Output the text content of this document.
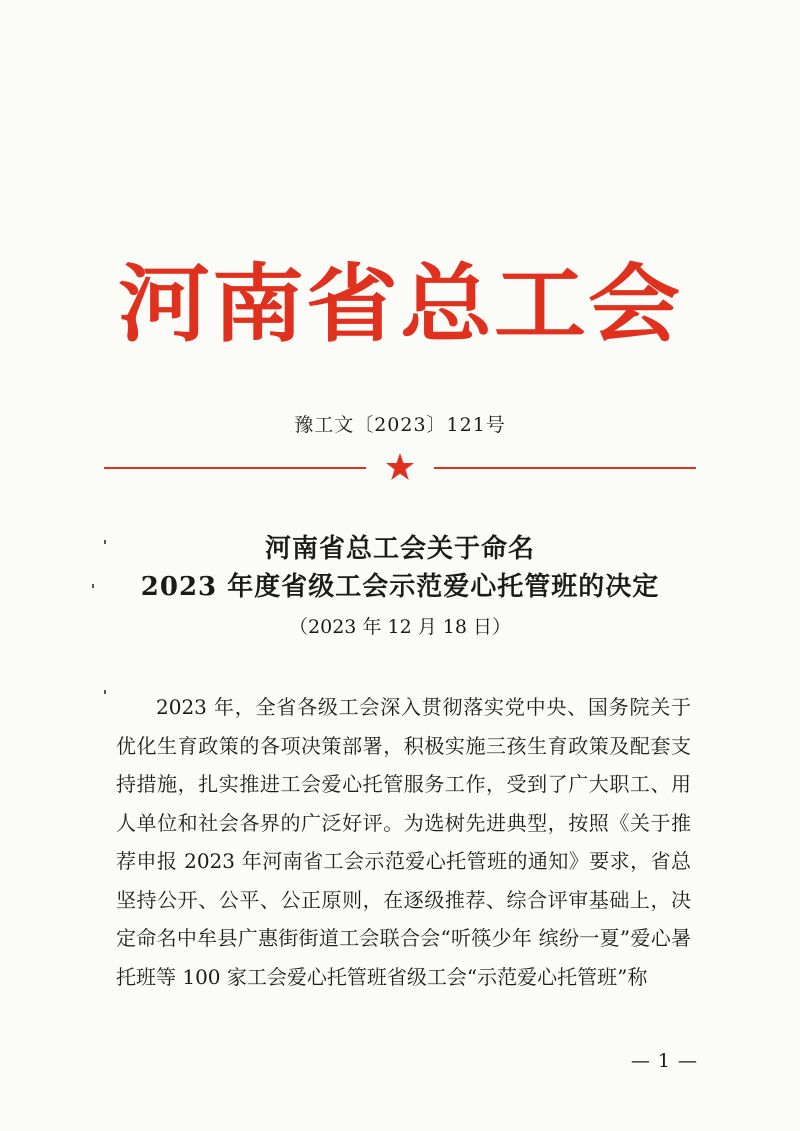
河南省总工会
豫工文〔2023〕121号
河南省总工会关于命名
2023 年度省级工会示范爱心托管班的决定
（2023 年 12 月 18 日）
2023 年，全省各级工会深入贯彻落实党中央、国务院关于优化生育政策的各项决策部署，积极实施三孩生育政策及配套支持措施，扎实推进工会爱心托管服务工作，受到了广大职工、用人单位和社会各界的广泛好评。为选树先进典型，按照《关于推荐申报 2023 年河南省工会示范爱心托管班的通知》要求，省总坚持公开、公平、公正原则，在逐级推荐、综合评审基础上，决定命名中牟县广惠街街道工会联合会“听筷少年 缤纷一夏”爱心暑托班等 100 家工会爱心托管班省级工会“示范爱心托管班”称
— 1 —
